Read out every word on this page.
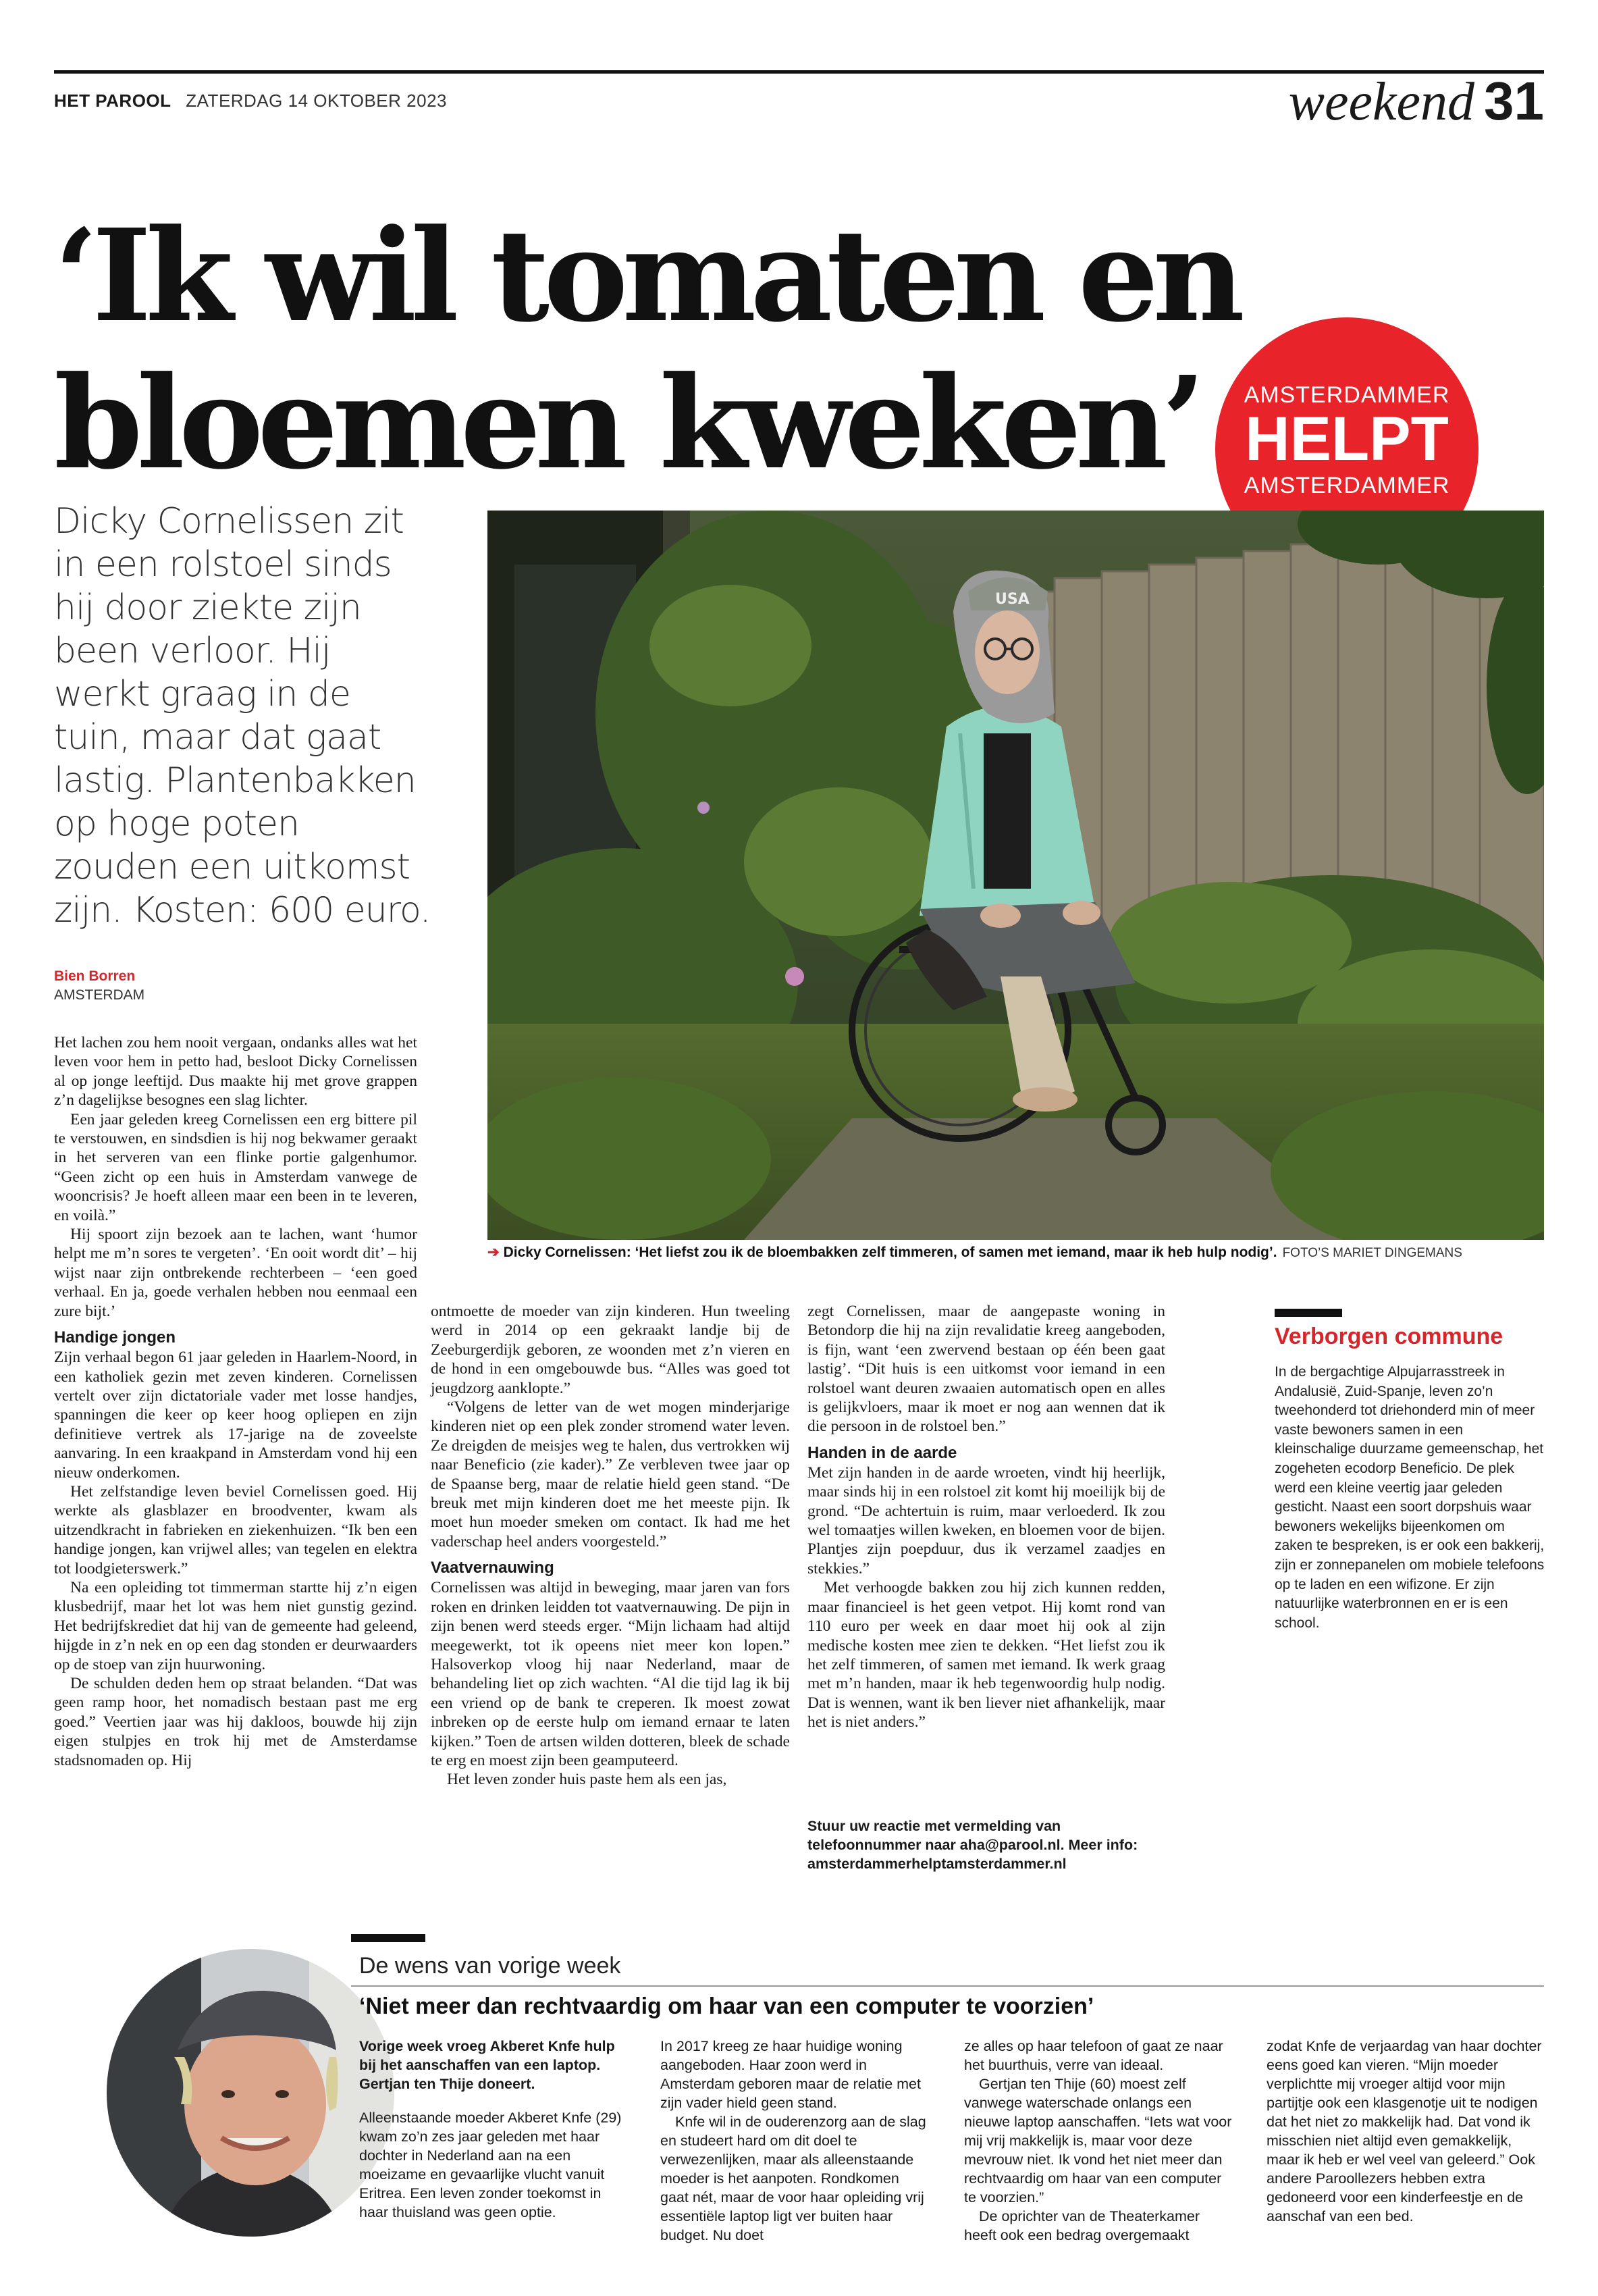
HET PAROOL ZATERDAG 14 OKTOBER 2023	weekend 31
‘Ik wil tomaten en
bloemen kweken’	AMSTERDAMMER
HELPT
AMSTERDAMMER
Dicky Cornelissen zit in een rolstoel sinds hij door ziekte zijn been verloor. Hij werkt graag in de tuin, maar dat gaat lastig. Plantenbakken op hoge poten zouden een uitkomst zijn. Kosten: 600 euro.
Bien Borren
AMSTERDAM
USA
➔ Dicky Cornelissen: ‘Het liefst zou ik de bloembakken zelf timmeren, of samen met iemand, maar ik heb hulp nodig’. FOTO’S MARIET DINGEMANS

Het lachen zou hem nooit vergaan, ondanks alles wat het leven voor hem in petto had, besloot Dicky Cornelissen al op jonge leeftijd. Dus maakte hij met grove grappen z’n dagelijkse besognes een slag lichter.

Een jaar geleden kreeg Cornelissen een erg bittere pil te verstouwen, en sindsdien is hij nog bekwamer geraakt in het serveren van een flinke portie galgenhumor. “Geen zicht op een huis in Amsterdam vanwege de wooncrisis? Je hoeft alleen maar een been in te leveren, en voilà.”

Hij spoort zijn bezoek aan te lachen, want ‘humor helpt me m’n sores te vergeten’. ‘En ooit wordt dit’ – hij wijst naar zijn ontbrekende rechterbeen – ‘een goed verhaal. En ja, goede verhalen hebben nou eenmaal een zure bijt.’

Handige jongen

Zijn verhaal begon 61 jaar geleden in Haarlem-Noord, in een katholiek gezin met zeven kinderen. Cornelissen vertelt over zijn dictatoriale vader met losse handjes, spanningen die keer op keer hoog opliepen en zijn definitieve vertrek als 17-jarige na de zoveelste aanvaring. In een kraakpand in Amsterdam vond hij een nieuw onderkomen.

Het zelfstandige leven beviel Cornelissen goed. Hij werkte als glasblazer en broodventer, kwam als uitzendkracht in fabrieken en ziekenhuizen. “Ik ben een handige jongen, kan vrijwel alles; van tegelen en elektra tot loodgieterswerk.”

Na een opleiding tot timmerman startte hij z’n eigen klusbedrijf, maar het lot was hem niet gunstig gezind. Het bedrijfskrediet dat hij van de gemeente had geleend, hijgde in z’n nek en op een dag stonden er deurwaarders op de stoep van zijn huurwoning.

De schulden deden hem op straat belanden. “Dat was geen ramp hoor, het nomadisch bestaan past me erg goed.” Veertien jaar was hij dakloos, bouwde hij zijn eigen stulpjes en trok hij met de Amsterdamse stadsnomaden op. Hij

ontmoette de moeder van zijn kinderen. Hun tweeling werd in 2014 op een gekraakt landje bij de Zeeburgerdijk geboren, ze woonden met z’n vieren en de hond in een omgebouwde bus. “Alles was goed tot jeugdzorg aanklopte.”

“Volgens de letter van de wet mogen minderjarige kinderen niet op een plek zonder stromend water leven. Ze dreigden de meisjes weg te halen, dus vertrokken wij naar Beneficio (zie kader).” Ze verbleven twee jaar op de Spaanse berg, maar de relatie hield geen stand. “De breuk met mijn kinderen doet me het meeste pijn. Ik moet hun moeder smeken om contact. Ik had me het vaderschap heel anders voorgesteld.”

Vaatvernauwing

Cornelissen was altijd in beweging, maar jaren van fors roken en drinken leidden tot vaatvernauwing. De pijn in zijn benen werd steeds erger. “Mijn lichaam had altijd meegewerkt, tot ik opeens niet meer kon lopen.” Halsoverkop vloog hij naar Nederland, maar de behandeling liet op zich wachten. “Al die tijd lag ik bij een vriend op de bank te creperen. Ik moest zowat inbreken op de eerste hulp om iemand ernaar te laten kijken.” Toen de artsen wilden dotteren, bleek de schade te erg en moest zijn been geamputeerd.

Het leven zonder huis paste hem als een jas,

zegt Cornelissen, maar de aangepaste woning in Betondorp die hij na zijn revalidatie kreeg aangeboden, is fijn, want ‘een zwervend bestaan op één been gaat lastig’. “Dit huis is een uitkomst voor iemand in een rolstoel want deuren zwaaien automatisch open en alles is gelijkvloers, maar ik moet er nog aan wennen dat ik die persoon in de rolstoel ben.”

Handen in de aarde

Met zijn handen in de aarde wroeten, vindt hij heerlijk, maar sinds hij in een rolstoel zit komt hij moeilijk bij de grond. “De achtertuin is ruim, maar verloederd. Ik zou wel tomaatjes willen kweken, en bloemen voor de bijen. Plantjes zijn poepduur, dus ik verzamel zaadjes en stekkies.”

Met verhoogde bakken zou hij zich kunnen redden, maar financieel is het geen vetpot. Hij komt rond van 110 euro per week en daar moet hij ook al zijn medische kosten mee zien te dekken. “Het liefst zou ik het zelf timmeren, of samen met iemand. Ik werk graag met m’n handen, maar ik heb tegenwoordig hulp nodig. Dat is wennen, want ik ben liever niet afhankelijk, maar het is niet anders.”

Stuur uw reactie met vermelding van telefoonnummer naar aha@parool.nl. Meer info: amsterdammerhelptamsterdammer.nl
Verborgen commune
In de bergachtige Alpujarrasstreek in Andalusië, Zuid-Spanje, leven zo’n tweehonderd tot driehonderd min of meer vaste bewoners samen in een kleinschalige duurzame gemeenschap, het zogeheten ecodorp Beneficio. De plek werd een kleine veertig jaar geleden gesticht. Naast een soort dorpshuis waar bewoners wekelijks bijeenkomen om zaken te bespreken, is er ook een bakkerij, zijn er zonnepanelen om mobiele telefoons op te laden en een wifizone. Er zijn natuurlijke waterbronnen en er is een school.
De wens van vorige week
‘Niet meer dan rechtvaardig om haar van een computer te voorzien’

Vorige week vroeg Akberet Knfe hulp bij het aanschaffen van een laptop. Gertjan ten Thije doneert.

Alleenstaande moeder Akberet Knfe (29) kwam zo’n zes jaar geleden met haar dochter in Nederland aan na een moeizame en gevaarlijke vlucht vanuit Eritrea. Een leven zonder toekomst in haar thuisland was geen optie.

In 2017 kreeg ze haar huidige woning aangeboden. Haar zoon werd in Amsterdam geboren maar de relatie met zijn vader hield geen stand.

Knfe wil in de ouderenzorg aan de slag en studeert hard om dit doel te verwezenlijken, maar als alleenstaande moeder is het aanpoten. Rondkomen gaat nét, maar de voor haar opleiding vrij essentiële laptop ligt ver buiten haar budget. Nu doet

ze alles op haar telefoon of gaat ze naar het buurthuis, verre van ideaal.

Gertjan ten Thije (60) moest zelf vanwege waterschade onlangs een nieuwe laptop aanschaffen. “Iets wat voor mij vrij makkelijk is, maar voor deze mevrouw niet. Ik vond het niet meer dan rechtvaardig om haar van een computer te voorzien.”

De oprichter van de Theaterkamer heeft ook een bedrag overgemaakt

zodat Knfe de verjaardag van haar dochter eens goed kan vieren. “Mijn moeder verplichtte mij vroeger altijd voor mijn partijtje ook een klasgenotje uit te nodigen dat het niet zo makkelijk had. Dat vond ik misschien niet altijd even gemakkelijk, maar ik heb er wel veel van geleerd.” Ook andere Paroollezers hebben extra gedoneerd voor een kinderfeestje en de aanschaf van een bed.
